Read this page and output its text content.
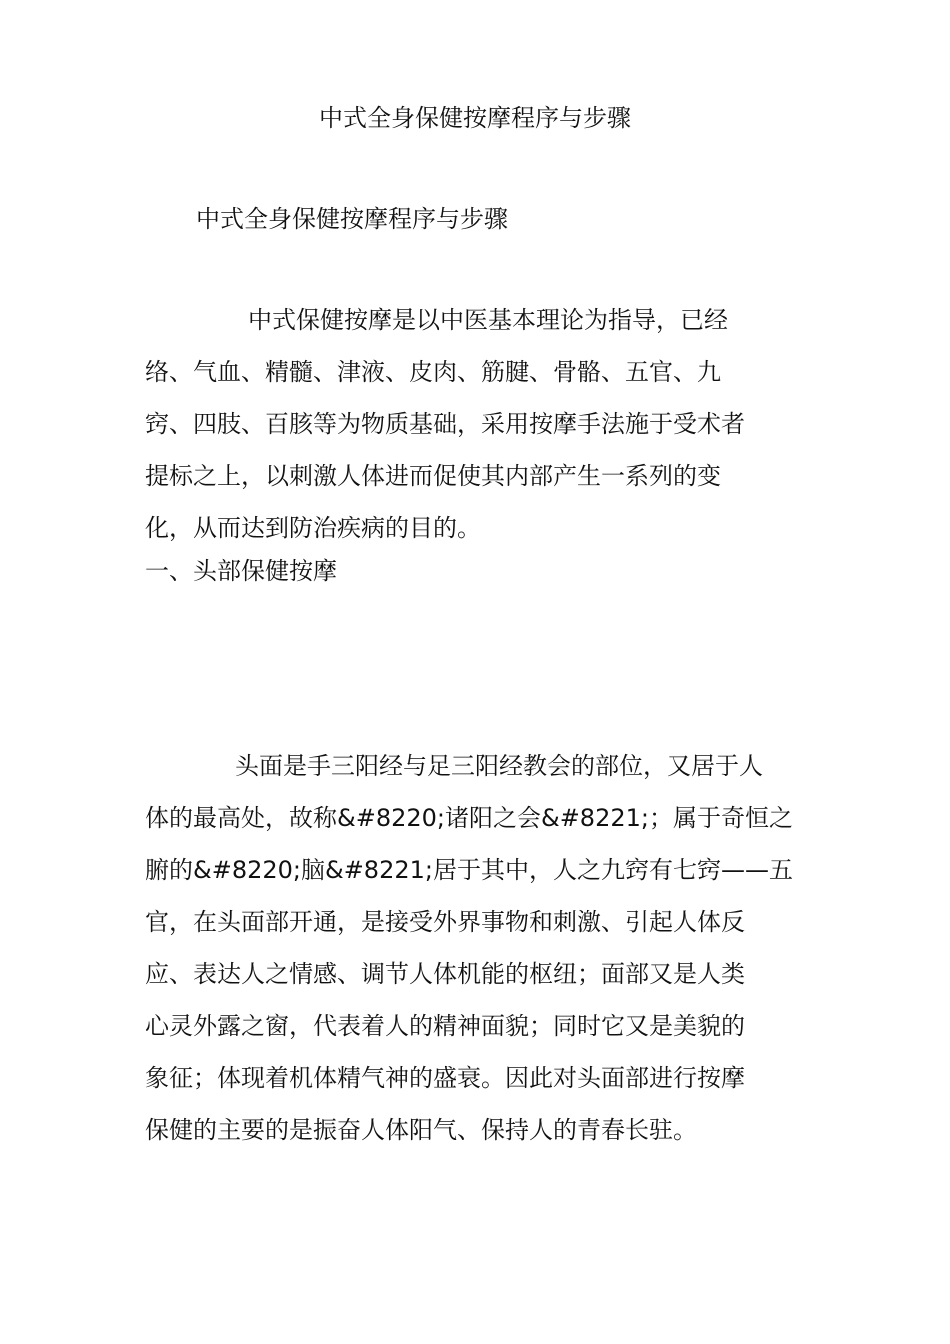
中式全身保健按摩程序与步骤
中式全身保健按摩程序与步骤
中式保健按摩是以中医基本理论为指导，已经
络、气血、精髓、津液、皮肉、筋腱、骨骼、五官、九
窍、四肢、百胲等为物质基础，采用按摩手法施于受术者
提标之上，以刺激人体进而促使其内部产生一系列的变
化，从而达到防治疾病的目的。
一、头部保健按摩
头面是手三阳经与足三阳经教会的部位，又居于人
体的最高处，故称&#8220;诸阳之会&#8221;；属于奇恒之
腑的&#8220;脑&#8221;居于其中，人之九窍有七窍——五
官，在头面部开通，是接受外界事物和刺激、引起人体反
应、表达人之情感、调节人体机能的枢纽；面部又是人类
心灵外露之窗，代表着人的精神面貌；同时它又是美貌的
象征；体现着机体精气神的盛衰。因此对头面部进行按摩
保健的主要的是振奋人体阳气、保持人的青春长驻。
